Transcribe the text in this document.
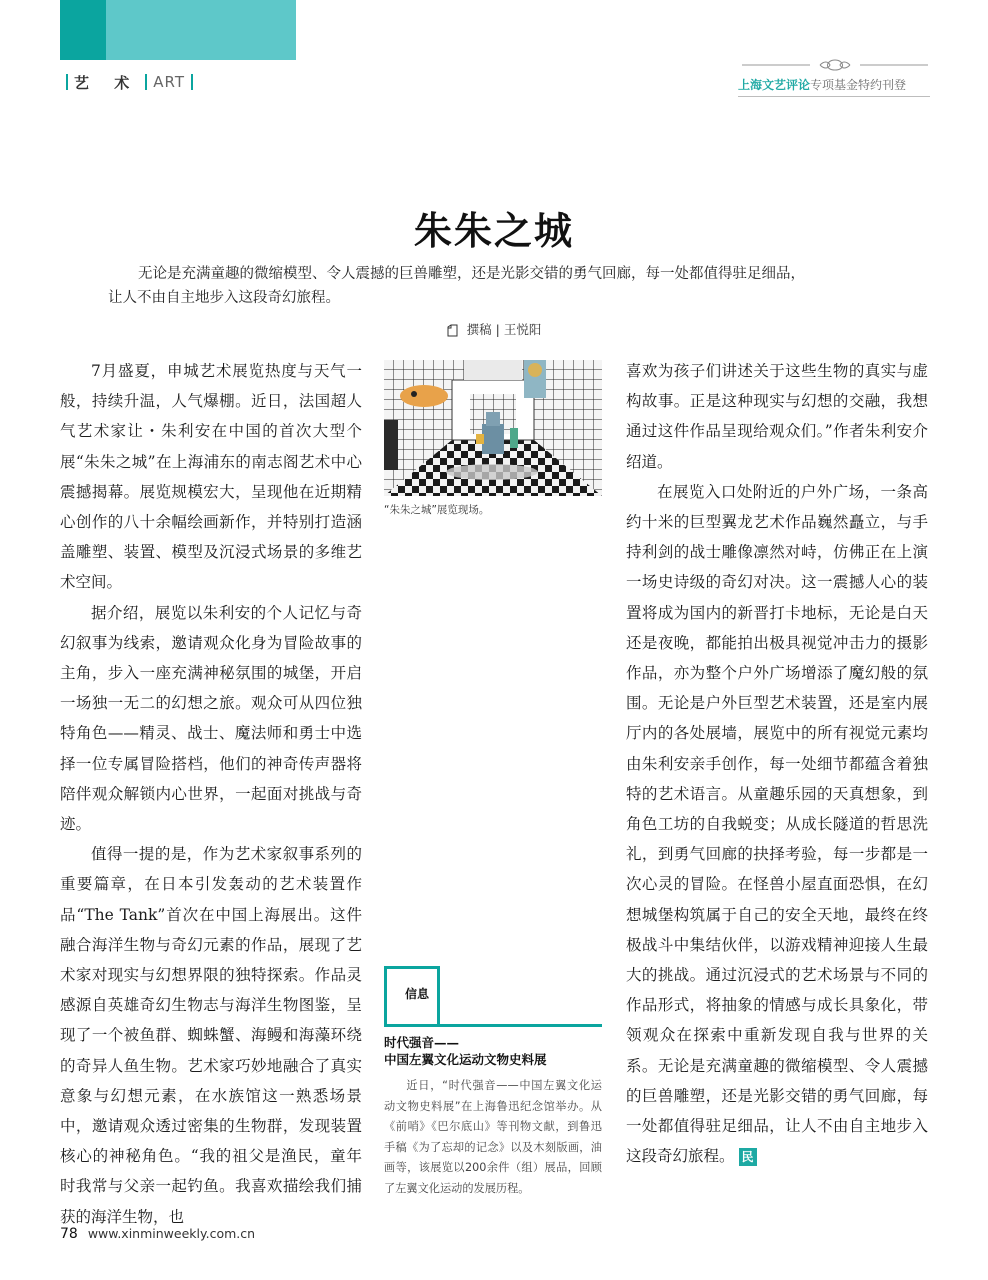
艺 术 ART	上海文艺评论专项基金特约刊登
朱朱之城
无论是充满童趣的微缩模型、令人震撼的巨兽雕塑，还是光影交错的勇气回廊，每一处都值得驻足细品，
让人不由自主地步入这段奇幻旅程。
撰稿 | 王悦阳

7月盛夏，申城艺术展览热度与天气一般，持续升温，人气爆棚。近日，法国超人气艺术家让・朱利安在中国的首次大型个展“朱朱之城”在上海浦东的南志阁艺术中心震撼揭幕。展览规模宏大，呈现他在近期精心创作的八十余幅绘画新作，并特别打造涵盖雕塑、装置、模型及沉浸式场景的多维艺术空间。

据介绍，展览以朱利安的个人记忆与奇幻叙事为线索，邀请观众化身为冒险故事的主角，步入一座充满神秘氛围的城堡，开启一场独一无二的幻想之旅。观众可从四位独特角色——精灵、战士、魔法师和勇士中选择一位专属冒险搭档，他们的神奇传声器将陪伴观众解锁内心世界，一起面对挑战与奇迹。

值得一提的是，作为艺术家叙事系列的重要篇章，在日本引发轰动的艺术装置作品“The Tank”首次在中国上海展出。这件融合海洋生物与奇幻元素的作品，展现了艺术家对现实与幻想界限的独特探索。作品灵感源自英雄奇幻生物志与海洋生物图鉴，呈现了一个被鱼群、蜘蛛蟹、海鳗和海藻环绕的奇异人鱼生物。艺术家巧妙地融合了真实意象与幻想元素，在水族馆这一熟悉场景中，邀请观众透过密集的生物群，发现装置核心的神秘角色。“我的祖父是渔民，童年时我常与父亲一起钓鱼。我喜欢描绘我们捕获的海洋生物，也

“朱朱之城”展览现场。
信息
时代强音——
中国左翼文化运动文物史料展

近日，“时代强音——中国左翼文化运动文物史料展”在上海鲁迅纪念馆举办。从《前哨》《巴尔底山》等刊物文献，到鲁迅手稿《为了忘却的记念》以及木刻版画，油画等，该展览以200余件（组）展品，回顾了左翼文化运动的发展历程。

喜欢为孩子们讲述关于这些生物的真实与虚构故事。正是这种现实与幻想的交融，我想通过这件作品呈现给观众们。”作者朱利安介绍道。

在展览入口处附近的户外广场，一条高约十米的巨型翼龙艺术作品巍然矗立，与手持利剑的战士雕像凛然对峙，仿佛正在上演一场史诗级的奇幻对决。这一震撼人心的装置将成为国内的新晋打卡地标，无论是白天还是夜晚，都能拍出极具视觉冲击力的摄影作品，亦为整个户外广场增添了魔幻般的氛围。无论是户外巨型艺术装置，还是室内展厅内的各处展墙，展览中的所有视觉元素均由朱利安亲手创作，每一处细节都蕴含着独特的艺术语言。从童趣乐园的天真想象，到角色工坊的自我蜕变；从成长隧道的哲思洗礼，到勇气回廊的抉择考验，每一步都是一次心灵的冒险。在怪兽小屋直面恐惧，在幻想城堡构筑属于自己的安全天地，最终在终极战斗中集结伙伴，以游戏精神迎接人生最大的挑战。通过沉浸式的艺术场景与不同的作品形式，将抽象的情感与成长具象化，带领观众在探索中重新发现自我与世界的关系。无论是充满童趣的微缩模型、令人震撼的巨兽雕塑，还是光影交错的勇气回廊，每一处都值得驻足细品，让人不由自主地步入这段奇幻旅程。 民

78 www.xinminweekly.com.cn
